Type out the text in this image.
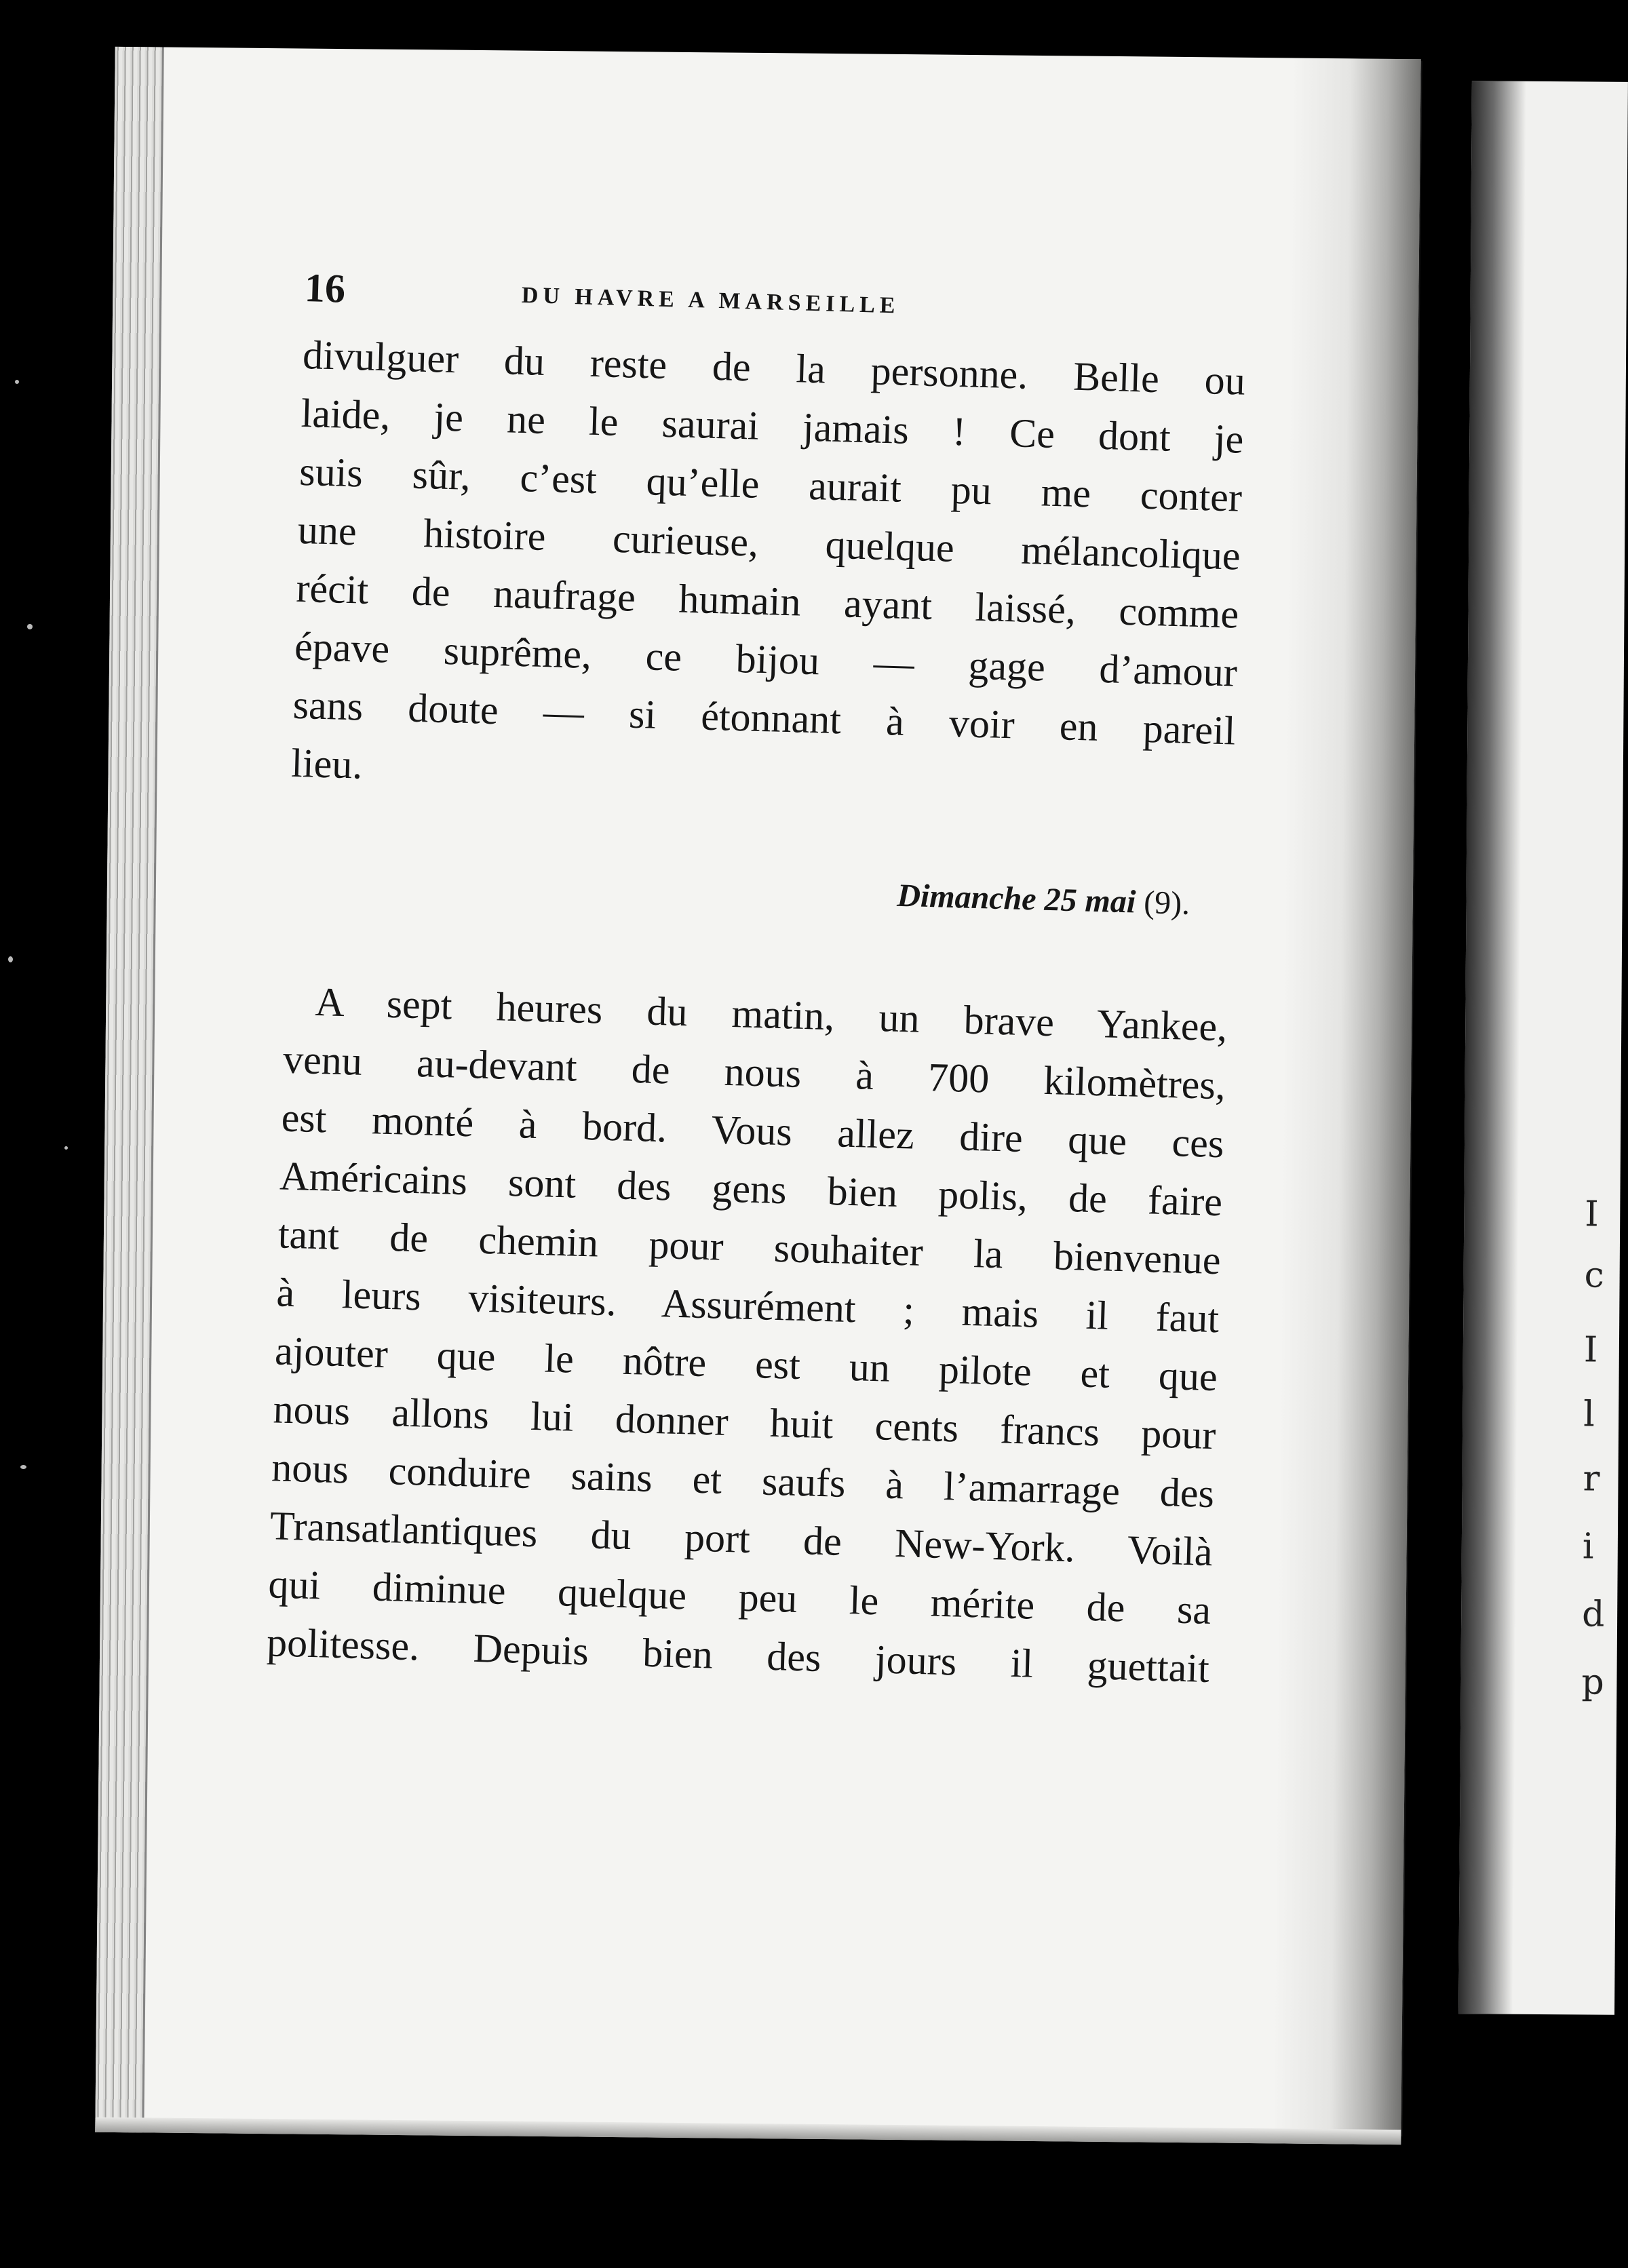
I
c
I
l
r
i
d
p
16	DU HAVRE A MARSEILLE

divulguer du reste de la personne. Belle ou
laide, je ne le saurai jamais ! Ce dont je
suis sûr, c’est qu’elle aurait pu me conter
une histoire curieuse, quelque mélancolique
récit de naufrage humain ayant laissé, comme
épave suprême, ce bijou — gage d’amour
sans doute — si étonnant à voir en pareil
lieu.

Dimanche 25 mai (9).

A sept heures du matin, un brave Yankee,
venu au-devant de nous à 700 kilomètres,
est monté à bord. Vous allez dire que ces
Américains sont des gens bien polis, de faire
tant de chemin pour souhaiter la bienvenue
à leurs visiteurs. Assurément ; mais il faut
ajouter que le nôtre est un pilote et que
nous allons lui donner huit cents francs pour
nous conduire sains et saufs à l’amarrage des
Transatlantiques du port de New-York. Voilà
qui diminue quelque peu le mérite de sa
politesse. Depuis bien des jours il guettait
